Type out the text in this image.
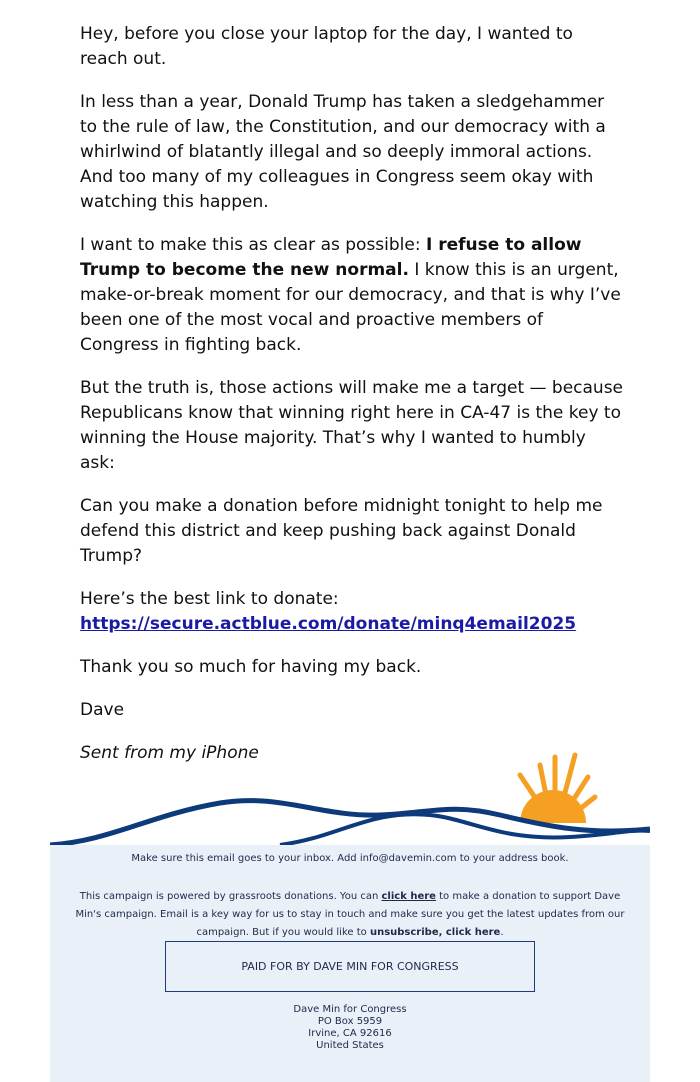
Hey, before you close your laptop for the day, I wanted to reach out.

In less than a year, Donald Trump has taken a sledgehammer to the rule of law, the Constitution, and our democracy with a whirlwind of blatantly illegal and so deeply immoral actions. And too many of my colleagues in Congress seem okay with watching this happen.

I want to make this as clear as possible: I refuse to allow Trump to become the new normal. I know this is an urgent, make-or-break moment for our democracy, and that is why I’ve been one of the most vocal and proactive members of Congress in fighting back.

But the truth is, those actions will make me a target — because Republicans know that winning right here in CA-47 is the key to winning the House majority. That’s why I wanted to humbly ask:

Can you make a donation before midnight tonight to help me defend this district and keep pushing back against Donald Trump?

Here’s the best link to donate:
https://secure.actblue.com/donate/minq4email2025

Thank you so much for having my back.

Dave

Sent from my iPhone

Make sure this email goes to your inbox. Add info@davemin.com to your address book.
This campaign is powered by grassroots donations. You can click here to make a donation to support Dave Min's campaign. Email is a key way for us to stay in touch and make sure you get the latest updates from our campaign. But if you would like to unsubscribe, click here.
PAID FOR BY DAVE MIN FOR CONGRESS
Dave Min for Congress
PO Box 5959
Irvine, CA 92616
United States
